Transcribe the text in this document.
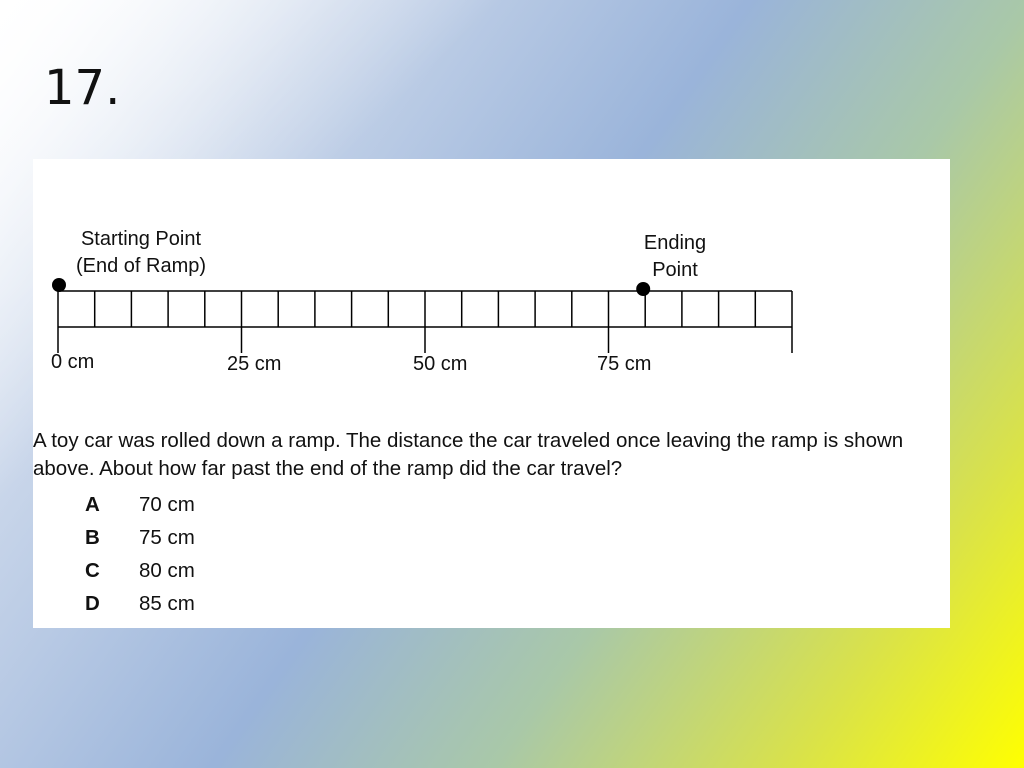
17.
Starting Point
(End of Ramp)
Ending
Point
0 cm	25 cm	50 cm	75 cm
A toy car was rolled down a ramp. The distance the car traveled once leaving the ramp is shown above. About how far past the end of the ramp did the car travel?
A	70 cm
B	75 cm
C	80 cm
D	85 cm
